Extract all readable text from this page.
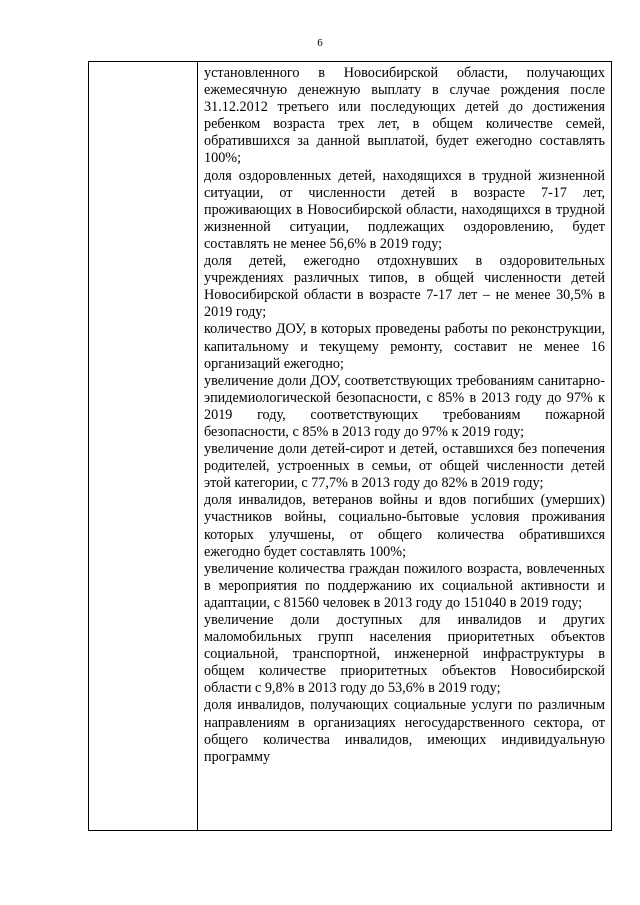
6

установленного в Новосибирской области, получающих ежемесячную денежную выплату в случае рождения после 31.12.2012 третьего или последующих детей до достижения ребенком возраста трех лет, в общем количестве семей, обратившихся за данной выплатой, будет ежегодно составлять 100%;

доля оздоровленных детей, находящихся в трудной жизненной ситуации, от численности детей в возрасте 7-17 лет, проживающих в Новосибирской области, находящихся в трудной жизненной ситуации, подлежащих оздоровлению, будет составлять не менее 56,6% в 2019 году;

доля детей, ежегодно отдохнувших в оздоровительных учреждениях различных типов, в общей численности детей Новосибирской области в возрасте 7-17 лет – не менее 30,5% в 2019 году;

количество ДОУ, в которых проведены работы по реконструкции, капитальному и текущему ремонту, составит не менее 16 организаций ежегодно;

увеличение доли ДОУ, соответствующих требованиям санитарно-эпидемиологической безопасности, с 85% в 2013 году до 97% к 2019 году, соответствующих требованиям пожарной безопасности, с 85% в 2013 году до 97% к 2019 году;

увеличение доли детей-сирот и детей, оставшихся без попечения родителей, устроенных в семьи, от общей численности детей этой категории, с 77,7% в 2013 году до 82% в 2019 году;

доля инвалидов, ветеранов войны и вдов погибших (умерших) участников войны, социально-бытовые условия проживания которых улучшены, от общего количества обратившихся ежегодно будет составлять 100%;

увеличение количества граждан пожилого возраста, вовлеченных в мероприятия по поддержанию их социальной активности и адаптации, с 81560 человек в 2013 году до 151040 в 2019 году;

увеличение доли доступных для инвалидов и других маломобильных групп населения приоритетных объектов социальной, транспортной, инженерной инфраструктуры в общем количестве приоритетных объектов Новосибирской области с 9,8% в 2013 году до 53,6% в 2019 году;

доля инвалидов, получающих социальные услуги по различным направлениям в организациях негосударственного сектора, от общего количества инвалидов, имеющих индивидуальную программу
